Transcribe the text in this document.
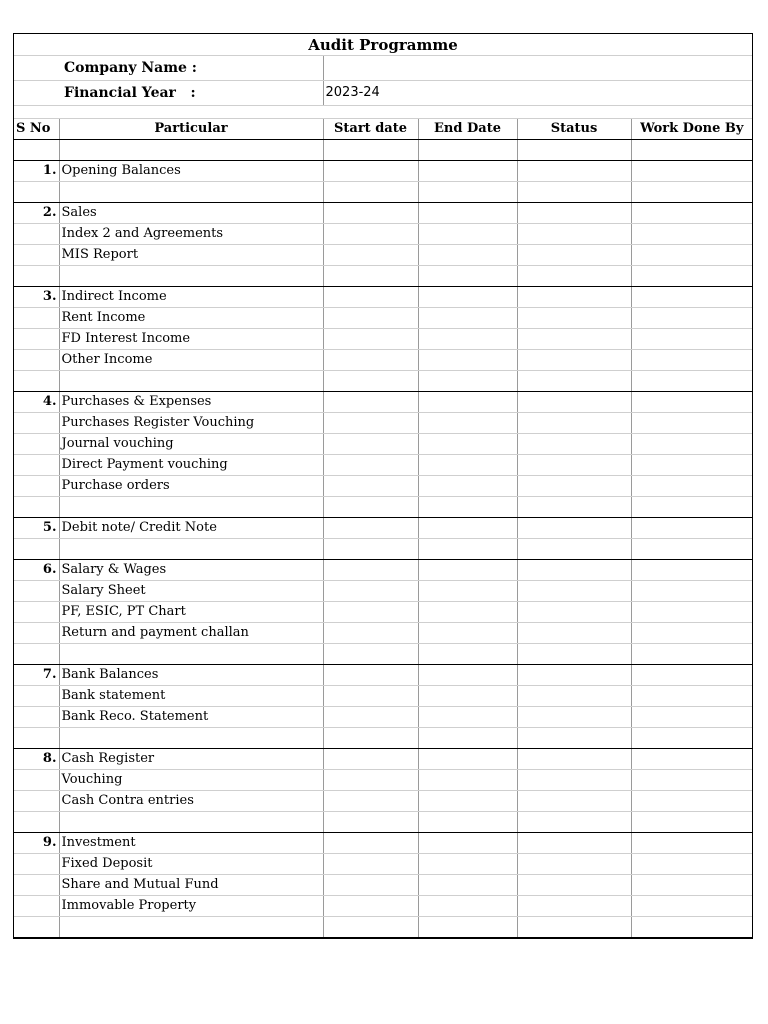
Audit Programme					
Company Name :					
Financial Year   :		2023-24			

S No	Particular	Start date	End Date	Status	Work Done By

1.	Opening Balances				

2.	Sales				
	Index 2 and Agreements				
	MIS Report				

3.	Indirect Income				
	Rent Income				
	FD Interest Income				
	Other Income				

4.	Purchases & Expenses				
	Purchases Register Vouching				
	Journal vouching				
	Direct Payment vouching				
	Purchase orders				

5.	Debit note/ Credit Note				

6.	Salary & Wages				
	Salary Sheet				
	PF, ESIC, PT Chart				
	Return and payment challan				

7.	Bank Balances				
	Bank statement				
	Bank Reco. Statement				

8.	Cash Register				
	Vouching				
	Cash Contra entries				

9.	Investment				
	Fixed Deposit				
	Share and Mutual Fund				
	Immovable Property				
